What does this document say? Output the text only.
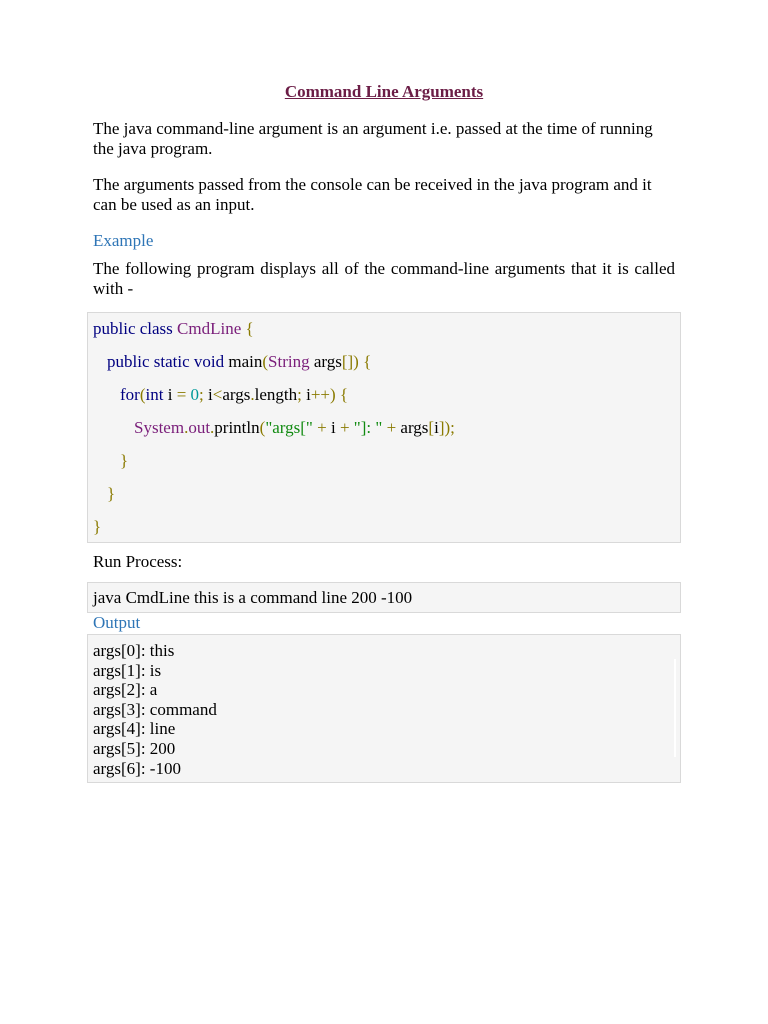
Command Line Arguments

The java command-line argument is an argument i.e. passed at the time of running the java program.

The arguments passed from the console can be received in the java program and it can be used as an input.

Example

The following program displays all of the command-line arguments that it is called with -

public class CmdLine {
public static void main(String args[]) {
for(int i = 0; i<args.length; i++) {
System.out.println("args[" + i + "]: " + args[i]);
}
}
}
Run Process:
java CmdLine this is a command line 200 -100
Output
args[0]: this
args[1]: is
args[2]: a
args[3]: command
args[4]: line
args[5]: 200
args[6]: -100
